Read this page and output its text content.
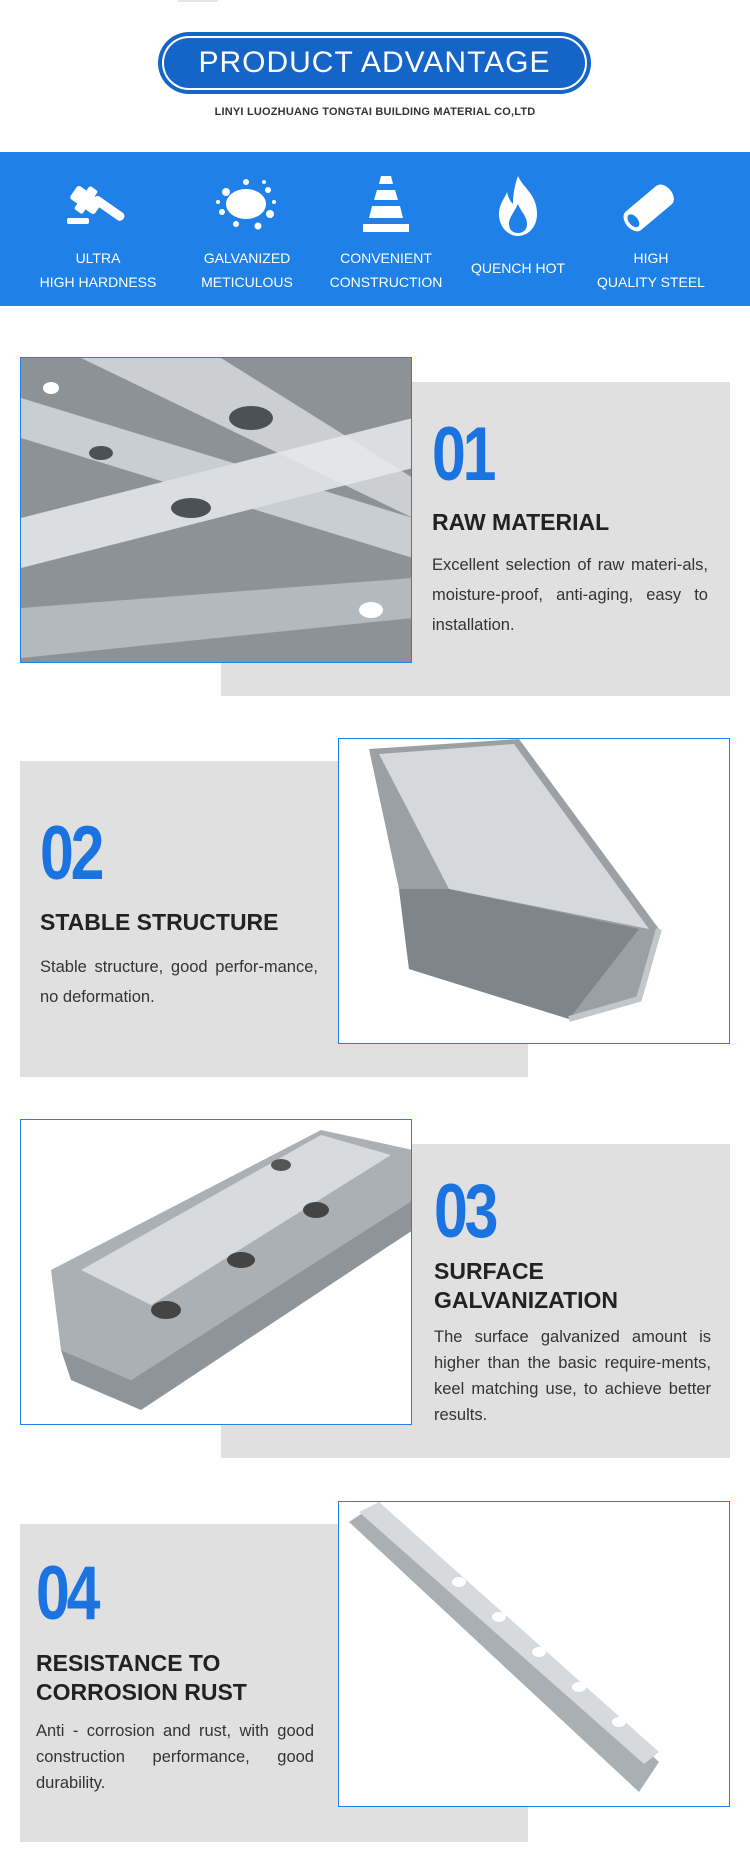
PRODUCT ADVANTAGE
LINYI LUOZHUANG TONGTAI BUILDING MATERIAL CO,LTD
ULTRA
HIGH HARDNESS
GALVANIZED
METICULOUS
CONVENIENT
CONSTRUCTION
QUENCH HOT
HIGH
QUALITY STEEL
01
RAW MATERIAL
Excellent selection of raw materi-als, moisture-proof, anti-aging, easy to installation.
02
STABLE STRUCTURE
Stable structure, good perfor-mance, no deformation.
03
SURFACE
GALVANIZATION
The surface galvanized amount is higher than the basic require-ments, keel matching use, to achieve better results.
04
RESISTANCE TO
CORROSION RUST
Anti - corrosion and rust, with good construction performance, good durability.
